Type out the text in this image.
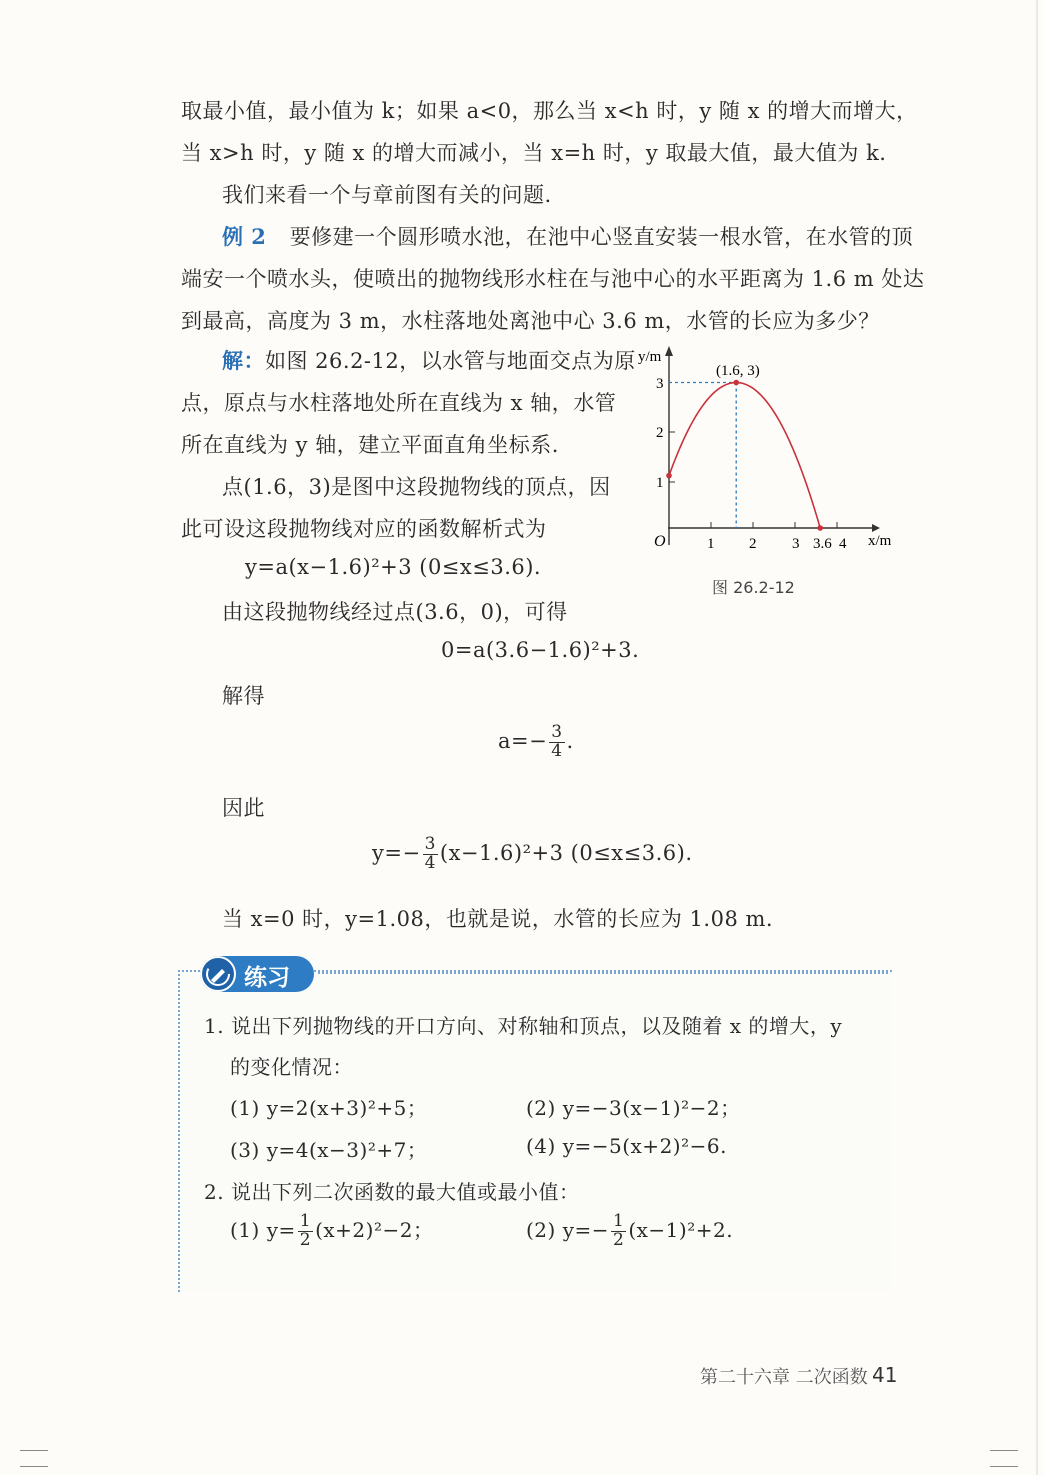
取最小值，最小值为 k；如果 a<0，那么当 x<h 时，y 随 x 的增大而增大，
当 x>h 时，y 随 x 的增大而减小，当 x=h 时，y 取最大值，最大值为 k.
我们来看一个与章前图有关的问题.
例 2 要修建一个圆形喷水池，在池中心竖直安装一根水管，在水管的顶
端安一个喷水头，使喷出的抛物线形水柱在与池中心的水平距离为 1.6 m 处达
到最高，高度为 3 m，水柱落地处离池中心 3.6 m，水管的长应为多少？
解：如图 26.2-12，以水管与地面交点为原
点，原点与水柱落地处所在直线为 x 轴，水管
所在直线为 y 轴，建立平面直角坐标系.
点(1.6，3)是图中这段抛物线的顶点，因
此可设这段抛物线对应的函数解析式为
y=a(x−1.6)²+3 (0≤x≤3.6).
由这段抛物线经过点(3.6，0)，可得
0=a(3.6−1.6)²+3.
解得
$a=- \frac{3}{4}$ .
因此
$y=- \frac{3}{4} (x-1.6)^2+3$ (0≤x≤3.6).
当 x=0 时，y=1.08，也就是说，水管的长应为 1.08 m.
y/m
x/m
O
(1.6, 3)
1 2 3 3.6 4
1
2
3
图 26.2-12
练习
1. 说出下列抛物线的开口方向、对称轴和顶点，以及随着 x 的增大，y
的变化情况：
(1) y=2(x+3)²+5；	(2) y=−3(x−1)²−2；
(3) y=4(x−3)²+7；	(4) y=−5(x+2)²−6.
2. 说出下列二次函数的最大值或最小值：
(1) $y= \frac{1}{2} (x+2)^2-2$；	(2) $y=- \frac{1}{2} (x-1)^2+2$.
第二十六章 二次函数 41
